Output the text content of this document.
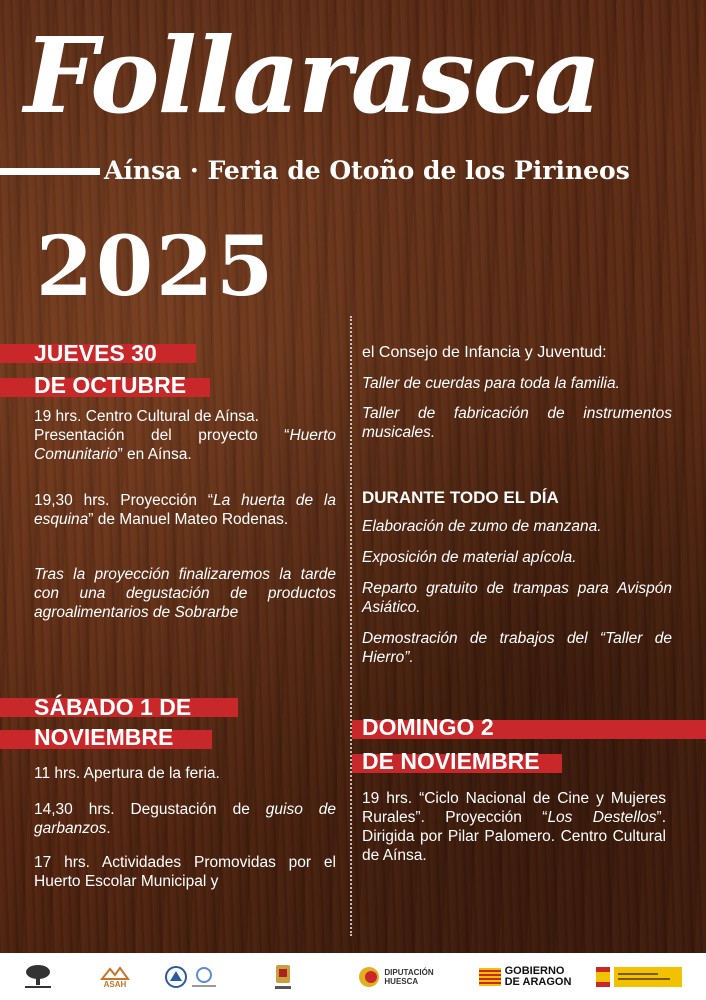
Follarasca
Aínsa · Feria de Otoño de los Pirineos
2025
JUEVES 30
DE OCTUBRE
19 hrs. Centro Cultural de Aínsa.
Presentación del proyecto “Huerto Comunitario” en Aínsa.
19,30 hrs. Proyección “La huerta de la esquina” de Manuel Mateo Rodenas.
Tras la proyección finalizaremos la tarde con una degustación de productos agroalimentarios de Sobrarbe
SÁBADO 1 DE
NOVIEMBRE
11 hrs. Apertura de la feria.
14,30 hrs. Degustación de guiso de garbanzos.
17 hrs. Actividades Promovidas por el Huerto Escolar Municipal y
el Consejo de Infancia y Juventud:
Taller de cuerdas para toda la familia.
Taller de fabricación de instrumentos musicales.
DURANTE TODO EL DÍA
Elaboración de zumo de manzana.
Exposición de material apícola.
Reparto gratuito de trampas para Avispón Asiático.
Demostración de trabajos del “Taller de Hierro”.
DOMINGO 2
DE NOVIEMBRE
19 hrs. “Ciclo Nacional de Cine y Mujeres Rurales”. Proyección “Los Destellos”. Dirigida por Pilar Palomero. Centro Cultural de Aínsa.
ASAH
DIPUTACIÓN
HUESCA
GOBIERNO
DE ARAGON
